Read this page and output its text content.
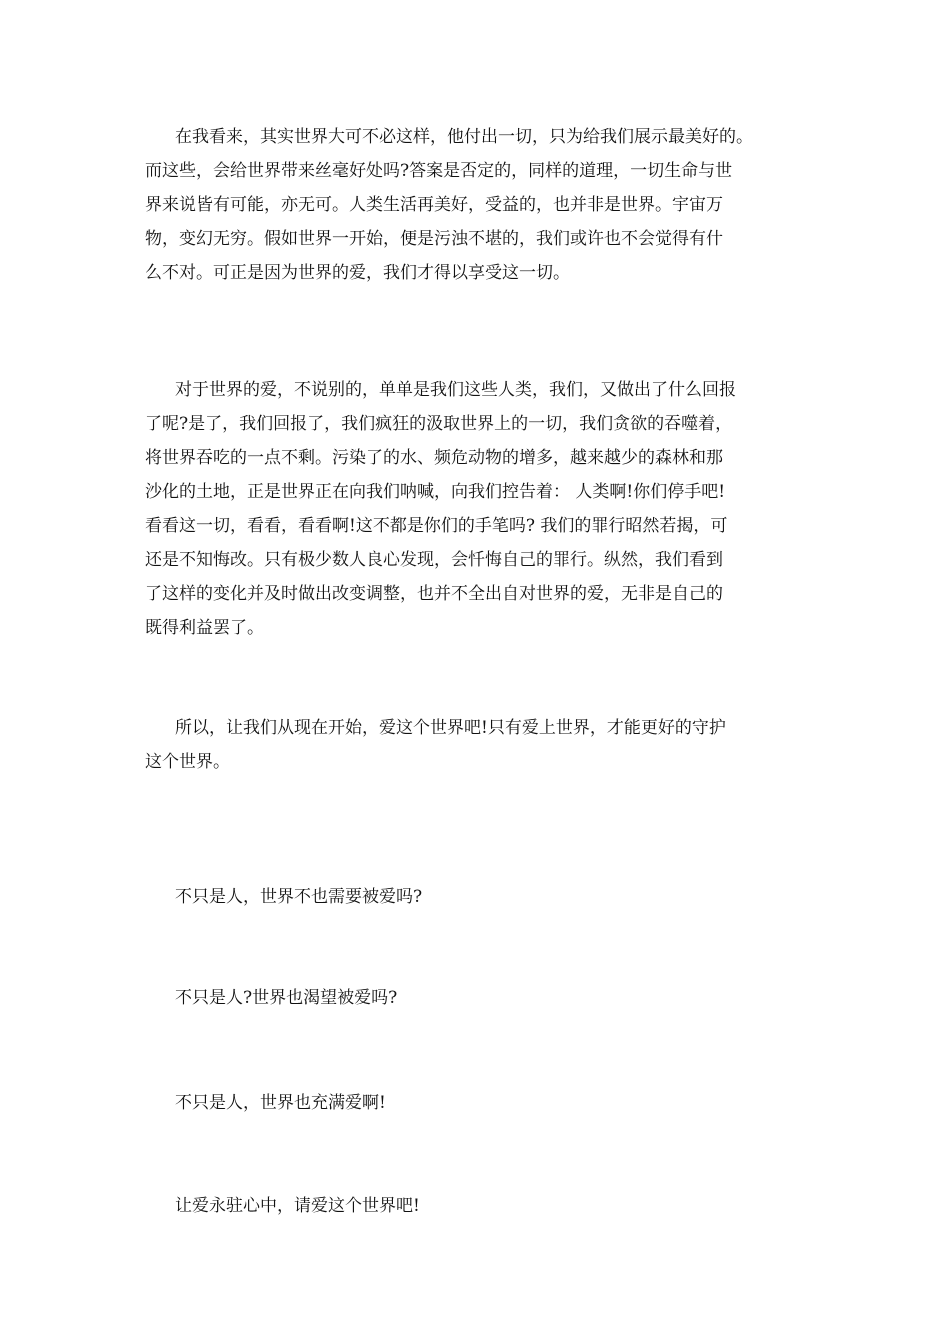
在我看来，其实世界大可不必这样，他付出一切，只为给我们展示最美好的。
而这些，会给世界带来丝毫好处吗?答案是否定的，同样的道理，一切生命与世
界来说皆有可能，亦无可。人类生活再美好，受益的，也并非是世界。宇宙万
物，变幻无穷。假如世界一开始，便是污浊不堪的，我们或许也不会觉得有什
么不对。可正是因为世界的爱，我们才得以享受这一切。
对于世界的爱，不说别的，单单是我们这些人类，我们，又做出了什么回报
了呢?是了，我们回报了，我们疯狂的汲取世界上的一切，我们贪欲的吞噬着，
将世界吞吃的一点不剩。污染了的水、频危动物的增多，越来越少的森林和那
沙化的土地，正是世界正在向我们呐喊，向我们控告着： 人类啊!你们停手吧!
看看这一切，看看，看看啊!这不都是你们的手笔吗? 我们的罪行昭然若揭，可
还是不知悔改。只有极少数人良心发现，会忏悔自己的罪行。纵然，我们看到
了这样的变化并及时做出改变调整，也并不全出自对世界的爱，无非是自己的
既得利益罢了。
所以，让我们从现在开始，爱这个世界吧!只有爱上世界，才能更好的守护
这个世界。
不只是人，世界不也需要被爱吗?
不只是人?世界也渴望被爱吗?
不只是人，世界也充满爱啊!
让爱永驻心中，请爱这个世界吧!
